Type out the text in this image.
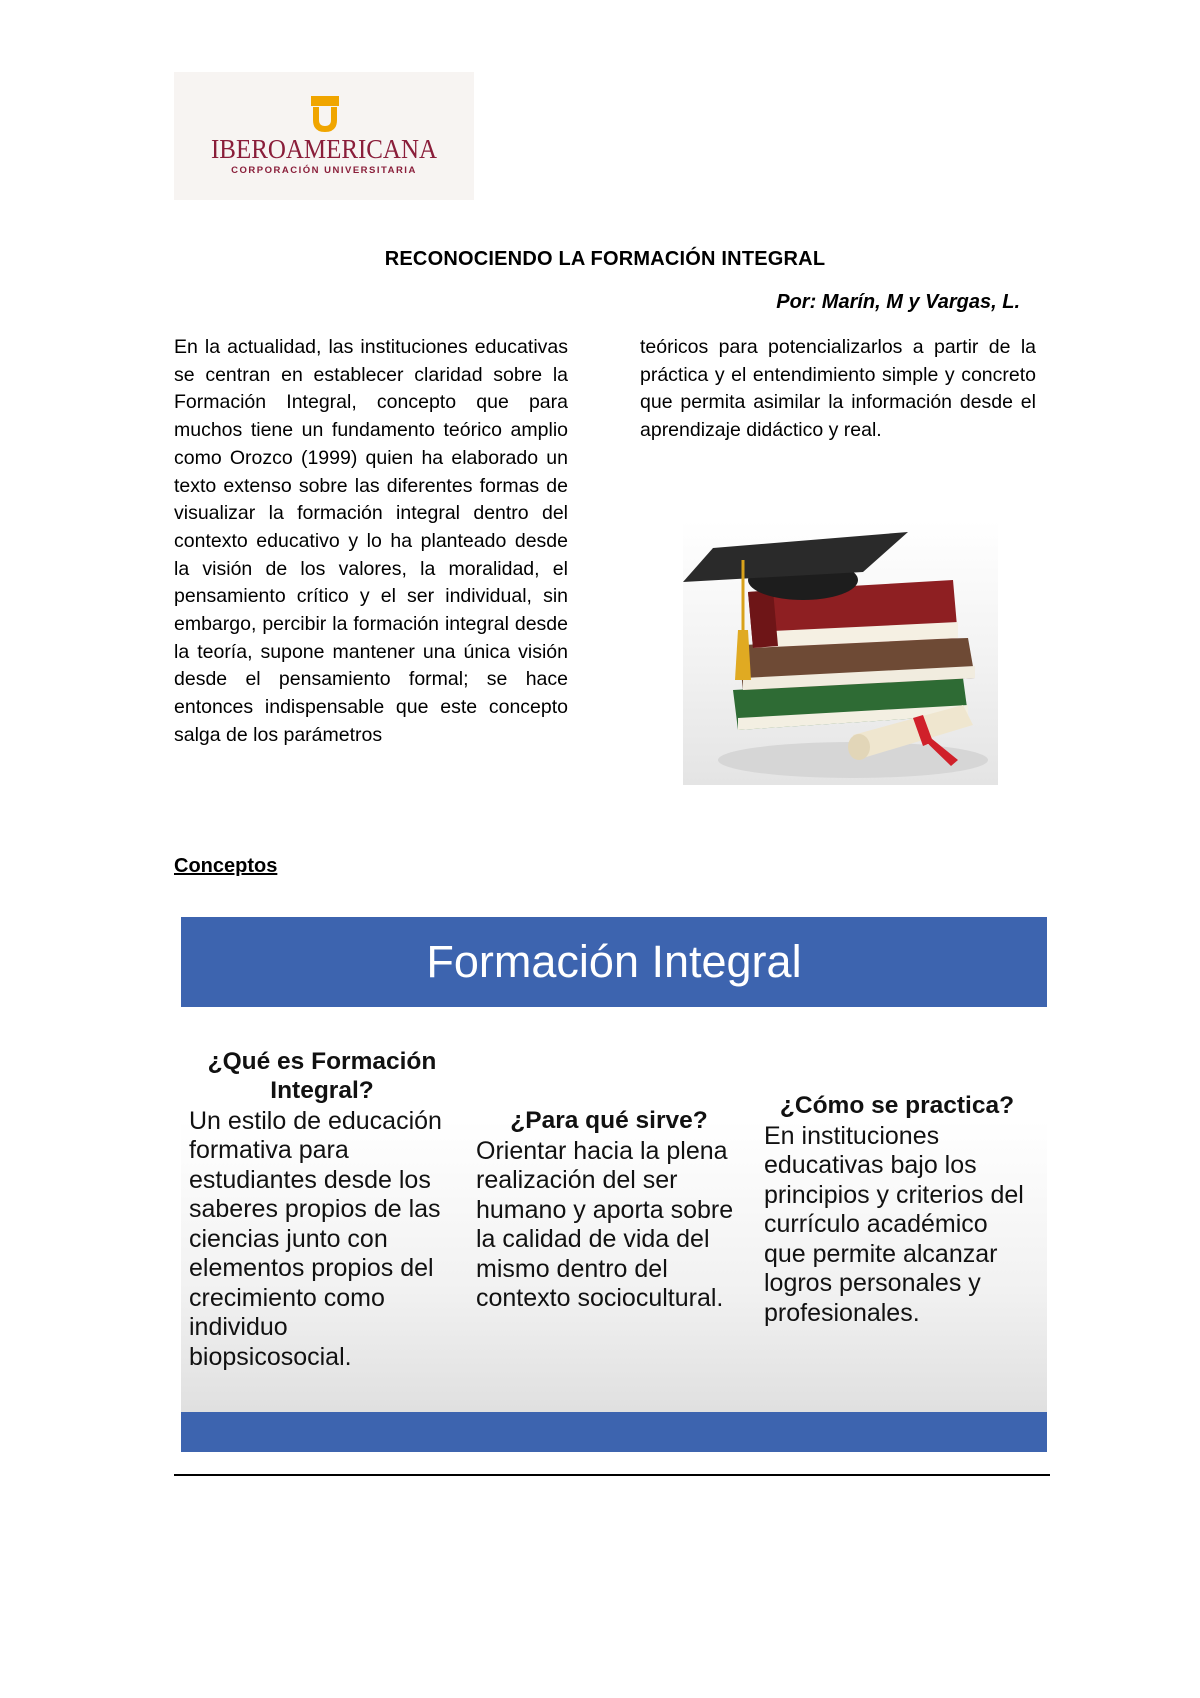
IBEROAMERICANA
CORPORACIÓN UNIVERSITARIA
RECONOCIENDO LA FORMACIÓN INTEGRAL
Por: Marín, M y Vargas, L.

En la actualidad, las instituciones educativas se centran en establecer claridad sobre la Formación Integral, concepto que para muchos tiene un fundamento teórico amplio como Orozco (1999) quien ha elaborado un texto extenso sobre las diferentes formas de visualizar la formación integral dentro del contexto educativo y lo ha planteado desde la visión de los valores, la moralidad, el pensamiento crítico y el ser individual, sin embargo, percibir la formación integral desde la teoría, supone mantener una única visión desde el pensamiento formal; se hace entonces indispensable que este concepto salga de los parámetros

teóricos para potencializarlos a partir de la práctica y el entendimiento simple y concreto que permita asimilar la información desde el aprendizaje didáctico y real.

Conceptos
Formación Integral

¿Qué es Formación Integral?

Un estilo de educación formativa para estudiantes desde los saberes propios de las ciencias junto con elementos propios del crecimiento como individuo biopsicosocial.

¿Para qué sirve?

Orientar hacia la plena realización del ser humano y aporta sobre la calidad de vida del mismo dentro del contexto sociocultural.

¿Cómo se practica?

En instituciones educativas bajo los principios y criterios del currículo académico que permite alcanzar logros personales y profesionales.
